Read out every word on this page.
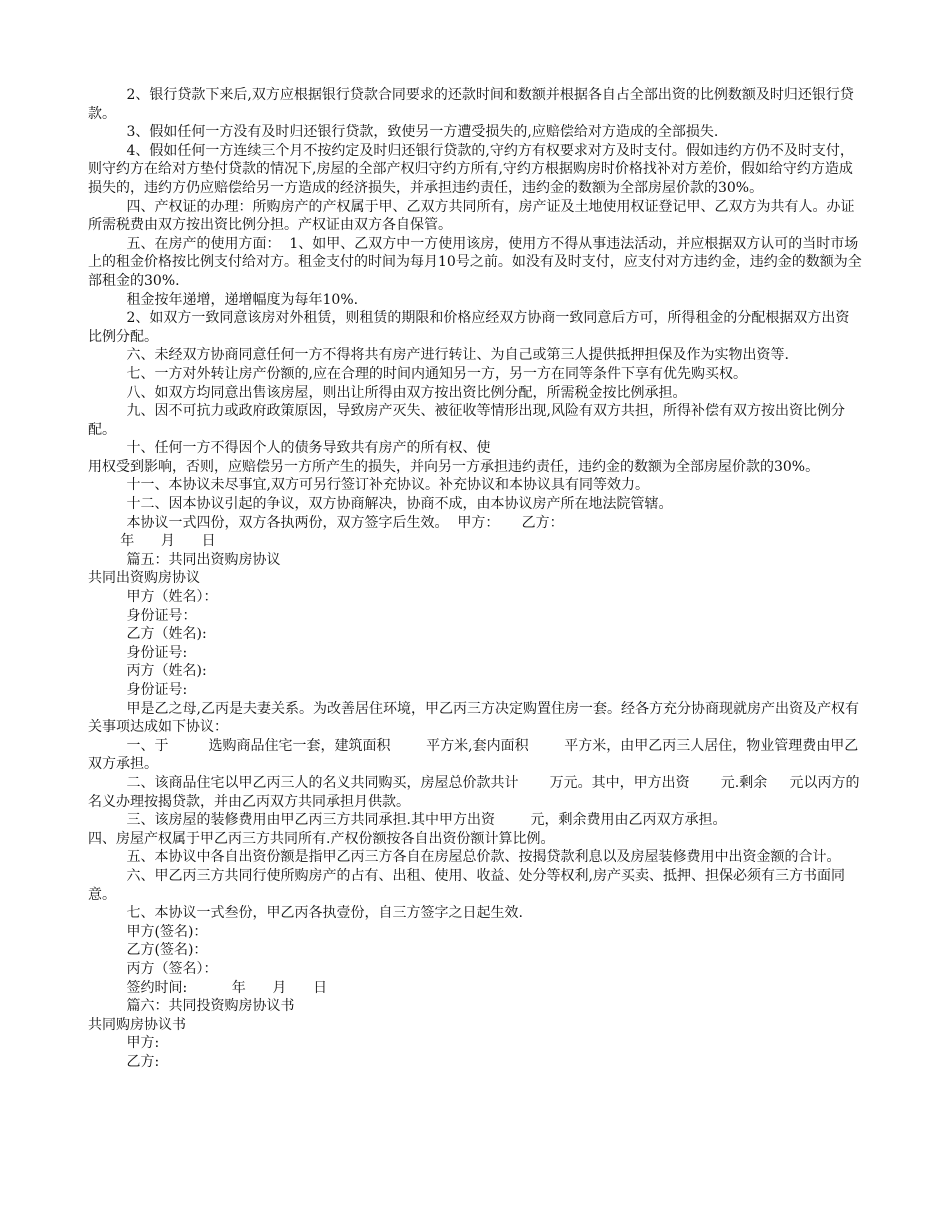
2、银行贷款下来后,双方应根据银行贷款合同要求的还款时间和数额并根据各自占全部出资的比例数额及时归还银行贷款。

3、假如任何一方没有及时归还银行贷款，致使另一方遭受损失的,应赔偿给对方造成的全部损失.

4、假如任何一方连续三个月不按约定及时归还银行贷款的,守约方有权要求对方及时支付。假如违约方仍不及时支付，则守约方在给对方垫付贷款的情况下,房屋的全部产权归守约方所有,守约方根据购房时价格找补对方差价，假如给守约方造成损失的，违约方仍应赔偿给另一方造成的经济损失，并承担违约责任，违约金的数额为全部房屋价款的30%。

四、产权证的办理：所购房产的产权属于甲、乙双方共同所有，房产证及土地使用权证登记甲、乙双方为共有人。办证所需税费由双方按出资比例分担。产权证由双方各自保管。

五、在房产的使用方面：  1、如甲、乙双方中一方使用该房，使用方不得从事违法活动，并应根据双方认可的当时市场上的租金价格按比例支付给对方。租金支付的时间为每月10号之前。如没有及时支付，应支付对方违约金，违约金的数额为全部租金的30%.

租金按年递增，递增幅度为每年10%.

2、如双方一致同意该房对外租赁，则租赁的期限和价格应经双方协商一致同意后方可，所得租金的分配根据双方出资比例分配。

六、未经双方协商同意任何一方不得将共有房产进行转让、为自己或第三人提供抵押担保及作为实物出资等.

七、一方对外转让房产份额的,应在合理的时间内通知另一方，另一方在同等条件下享有优先购买权。

八、如双方均同意出售该房屋，则出让所得由双方按出资比例分配，所需税金按比例承担。

九、因不可抗力或政府政策原因，导致房产灭失、被征收等情形出现,风险有双方共担，所得补偿有双方按出资比例分配。

十、任何一方不得因个人的债务导致共有房产的所有权、使

用权受到影响，否则，应赔偿另一方所产生的损失，并向另一方承担违约责任，违约金的数额为全部房屋价款的30%。

十一、本协议未尽事宜,双方可另行签订补充协议。补充协议和本协议具有同等效力。

十二、因本协议引起的争议，双方协商解决，协商不成，由本协议房产所在地法院管辖。

本协议一式四份，双方各执两份，双方签字后生效。  甲方：     乙方：

年      月      日

篇五：共同出资购房协议

共同出资购房协议

甲方（姓名）：

身份证号：

乙方（姓名):

身份证号:

丙方（姓名):

身份证号:

甲是乙之母,乙丙是夫妻关系。为改善居住环境，甲乙丙三方决定购置住房一套。经各方充分协商现就房产出资及产权有关事项达成如下协议：

一、于         选购商品住宅一套，建筑面积        平方米,套内面积        平方米，由甲乙丙三人居住，物业管理费由甲乙双方承担。

二、该商品住宅以甲乙丙三人的名义共同购买，房屋总价款共计       万元。其中，甲方出资       元.剩余     元以丙方的名义办理按揭贷款，并由乙丙双方共同承担月供款。

三、该房屋的装修费用由甲乙丙三方共同承担.其中甲方出资        元，剩余费用由乙丙双方承担。

四、房屋产权属于甲乙丙三方共同所有.产权份额按各自出资份额计算比例。

五、本协议中各自出资份额是指甲乙丙三方各自在房屋总价款、按揭贷款利息以及房屋装修费用中出资金额的合计。

六、甲乙丙三方共同行使所购房产的占有、出租、使用、收益、处分等权利,房产买卖、抵押、担保必须有三方书面同意。

七、本协议一式叁份，甲乙丙各执壹份，自三方签字之日起生效.

甲方(签名)：

乙方(签名)：

丙方（签名）：

签约时间:          年      月      日

篇六：共同投资购房协议书

共同购房协议书

甲方:

乙方:
